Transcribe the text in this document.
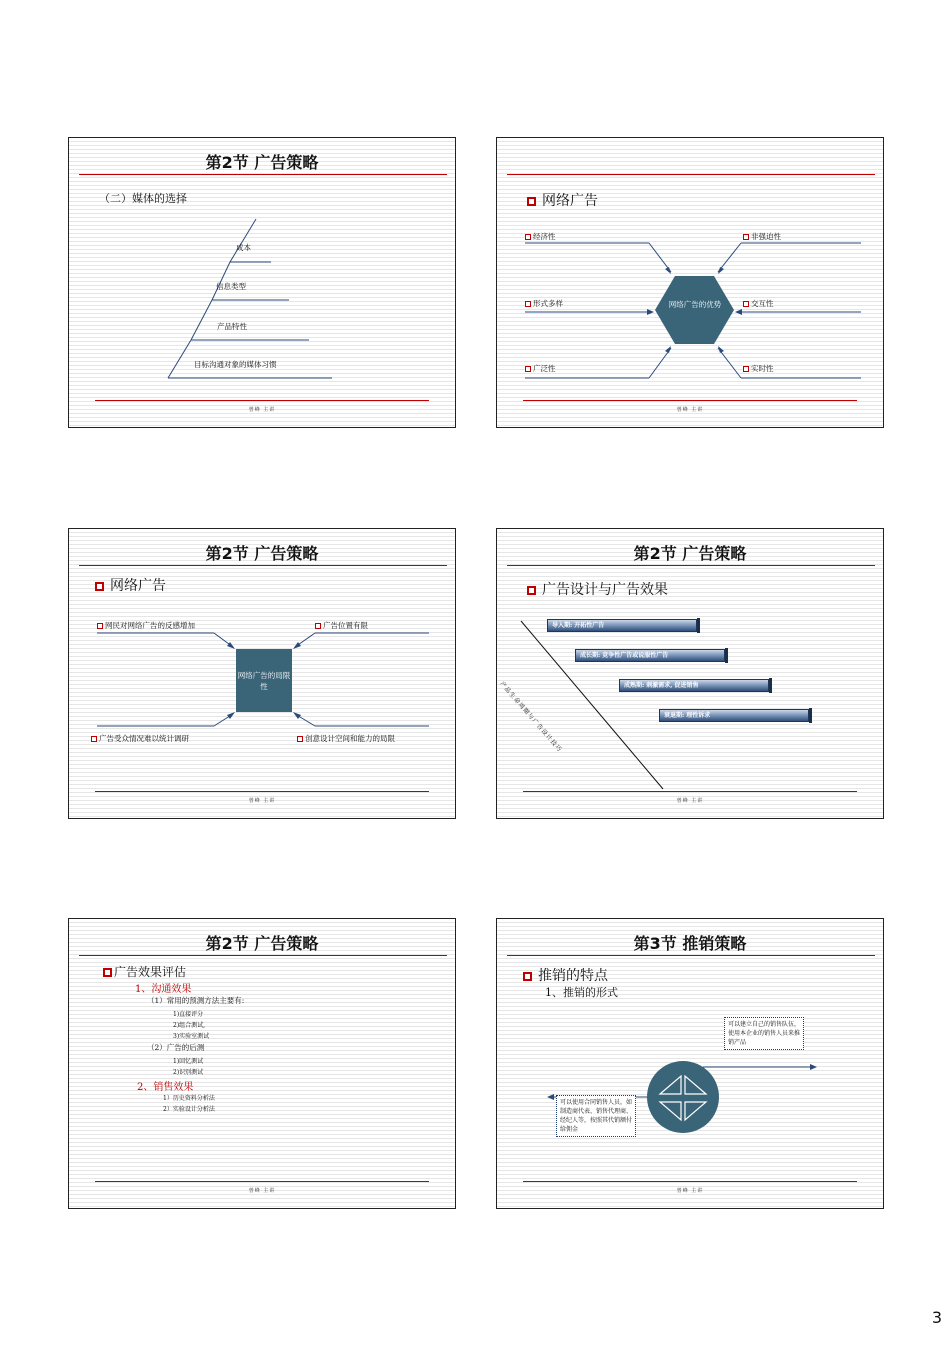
第2节 广告策略
（二）媒体的选择
成本
信息类型
产品特性
目标沟通对象的媒体习惯
曾峰 主讲
网络广告
网络广告的优势
经济性	非强迫性
形式多样	交互性
广泛性	实时性
曾峰 主讲
第2节 广告策略
网络广告
网络广告的局限性
网民对网络广告的反感增加	广告位置有限
广告受众情况难以统计调研	创意设计空间和能力的局限
曾峰 主讲
第2节 广告策略
广告设计与广告效果
产品生命周期与广告设计技巧
导入期: 开拓性广告
成长期: 竞争性广告或说服性广告
成熟期: 刺激需求, 促进销售
衰退期: 理性诉求
曾峰 主讲
第2节 广告策略
广告效果评估
1、沟通效果
（1）常用的预测方法主要有:
1)直接评分
2)组合测试,
3)实验室测试
（2）广告的后测
1)回忆测试
2)识别测试
2、销售效果
1）历史资料分析法
2）实验设计分析法
曾峰 主讲
第3节 推销策略
推销的特点
1、推销的形式
可以建立自己的销售队伍，使用本企业的销售人员来推销产品
可以使用合同销售人员，如制造商代表、销售代理商、经纪人等，按照其代销额付给佣金
曾峰 主讲
3
